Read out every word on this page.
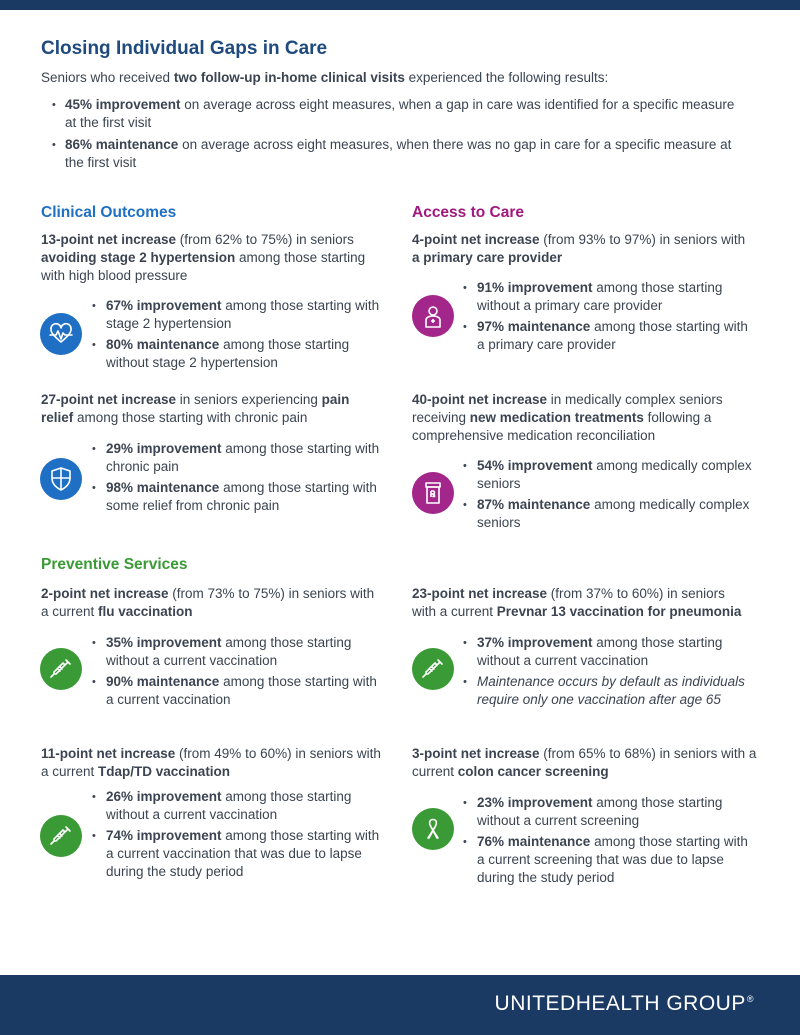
Closing Individual Gaps in Care

Seniors who received two follow-up in-home clinical visits experienced the following results:

• 45% improvement on average across eight measures, when a gap in care was identified for a specific measure at the first visit
• 86% maintenance on average across eight measures, when there was no gap in care for a specific measure at the first visit
Clinical Outcomes

13-point net increase (from 62% to 75%) in seniors avoiding stage 2 hypertension among those starting with high blood pressure

• 67% improvement among those starting with stage 2 hypertension
• 80% maintenance among those starting without stage 2 hypertension

27-point net increase in seniors experiencing pain relief among those starting with chronic pain

• 29% improvement among those starting with chronic pain
• 98% maintenance among those starting with some relief from chronic pain
Access to Care

4-point net increase (from 93% to 97%) in seniors with a primary care provider

• 91% improvement among those starting without a primary care provider
• 97% maintenance among those starting with a primary care provider

40-point net increase in medically complex seniors receiving new medication treatments following a comprehensive medication reconciliation

• 54% improvement among medically complex seniors
• 87% maintenance among medically complex seniors
Preventive Services

2-point net increase (from 73% to 75%) in seniors with a current flu vaccination

• 35% improvement among those starting without a current vaccination
• 90% maintenance among those starting with a current vaccination

23-point net increase (from 37% to 60%) in seniors with a current Prevnar 13 vaccination for pneumonia

• 37% improvement among those starting without a current vaccination
• Maintenance occurs by default as individuals require only one vaccination after age 65

11-point net increase (from 49% to 60%) in seniors with a current Tdap/TD vaccination

• 26% improvement among those starting without a current vaccination
• 74% improvement among those starting with a current vaccination that was due to lapse during the study period

3-point net increase (from 65% to 68%) in seniors with a current colon cancer screening

• 23% improvement among those starting without a current screening
• 76% maintenance among those starting with a current screening that was due to lapse during the study period
UNITEDHEALTH GROUP®
